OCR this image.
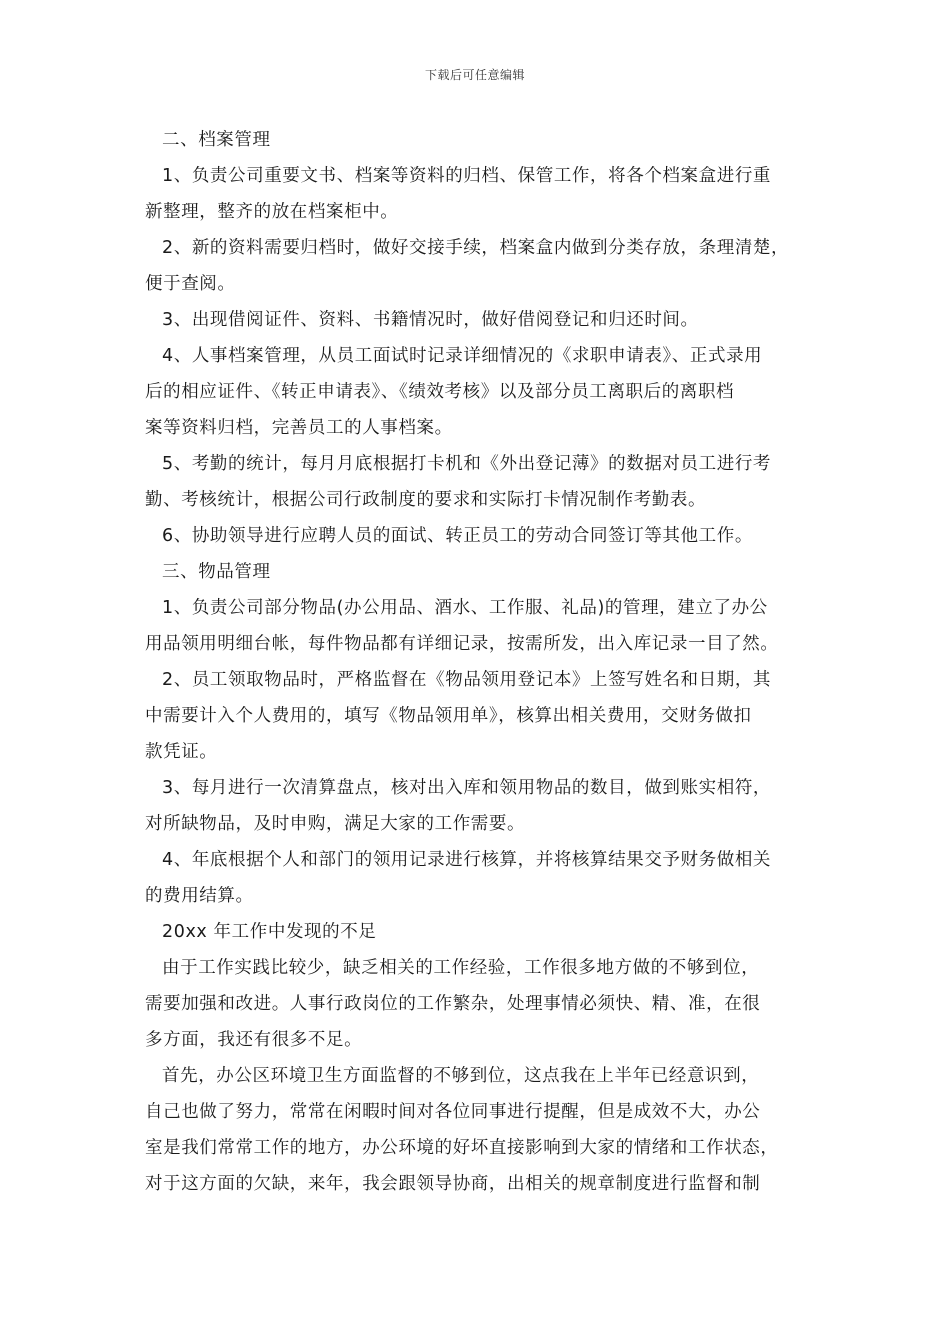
下载后可任意编辑
二、档案管理
1、负责公司重要文书、档案等资料的归档、保管工作，将各个档案盒进行重
新整理，整齐的放在档案柜中。
2、新的资料需要归档时，做好交接手续，档案盒内做到分类存放，条理清楚，
便于查阅。
3、出现借阅证件、资料、书籍情况时，做好借阅登记和归还时间。
4、人事档案管理，从员工面试时记录详细情况的《求职申请表》、正式录用
后的相应证件、《转正申请表》、《绩效考核》以及部分员工离职后的离职档
案等资料归档，完善员工的人事档案。
5、考勤的统计，每月月底根据打卡机和《外出登记薄》的数据对员工进行考
勤、考核统计，根据公司行政制度的要求和实际打卡情况制作考勤表。
6、协助领导进行应聘人员的面试、转正员工的劳动合同签订等其他工作。
三、物品管理
1、负责公司部分物品(办公用品、酒水、工作服、礼品)的管理，建立了办公
用品领用明细台帐，每件物品都有详细记录，按需所发，出入库记录一目了然。
2、员工领取物品时，严格监督在《物品领用登记本》上签写姓名和日期，其
中需要计入个人费用的，填写《物品领用单》，核算出相关费用，交财务做扣
款凭证。
3、每月进行一次清算盘点，核对出入库和领用物品的数目，做到账实相符，
对所缺物品，及时申购，满足大家的工作需要。
4、年底根据个人和部门的领用记录进行核算，并将核算结果交予财务做相关
的费用结算。
20xx 年工作中发现的不足
由于工作实践比较少，缺乏相关的工作经验，工作很多地方做的不够到位，
需要加强和改进。人事行政岗位的工作繁杂，处理事情必须快、精、准，在很
多方面，我还有很多不足。
首先，办公区环境卫生方面监督的不够到位，这点我在上半年已经意识到，
自己也做了努力，常常在闲暇时间对各位同事进行提醒，但是成效不大，办公
室是我们常常工作的地方，办公环境的好坏直接影响到大家的情绪和工作状态，
对于这方面的欠缺，来年，我会跟领导协商，出相关的规章制度进行监督和制
